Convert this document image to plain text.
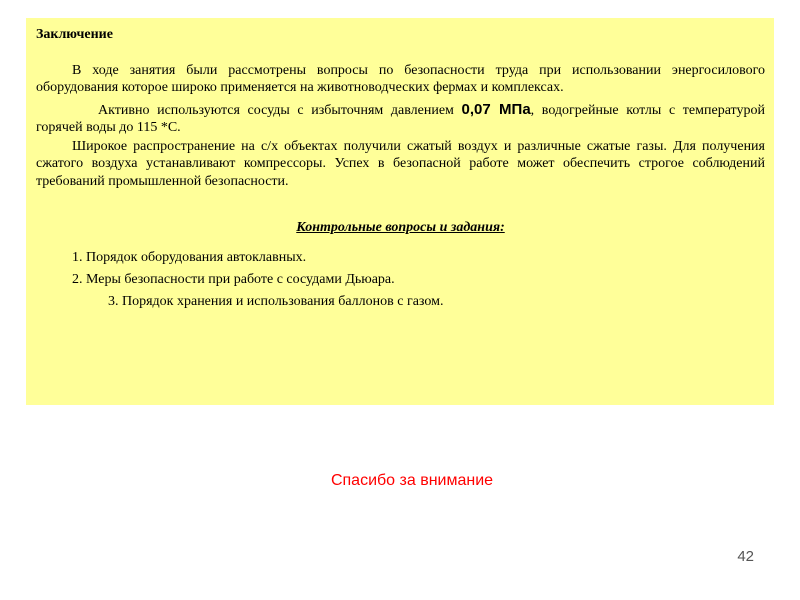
Заключение

В ходе занятия были рассмотрены вопросы по безопасности труда при использовании энергосилового оборудования которое широко применяется на животноводческих фермах и комплексах.

Активно используются сосуды с избыточням давлением 0,07 МПа, водогрейные котлы с температурой горячей воды до 115 *С.

Широкое распространение на с/х объектах получили сжатый воздух и различные сжатые газы. Для получения сжатого воздуха устанавливают компрессоры. Успех в безопасной работе может обеспечить строгое соблюдений требований промышленной безопасности.

Контрольные вопросы и задания:

1. Порядок оборудования автоклавных.

2. Меры безопасности при работе с сосудами Дьюара.

3. Порядок хранения и использования баллонов с газом.

Спасибо за внимание
42
